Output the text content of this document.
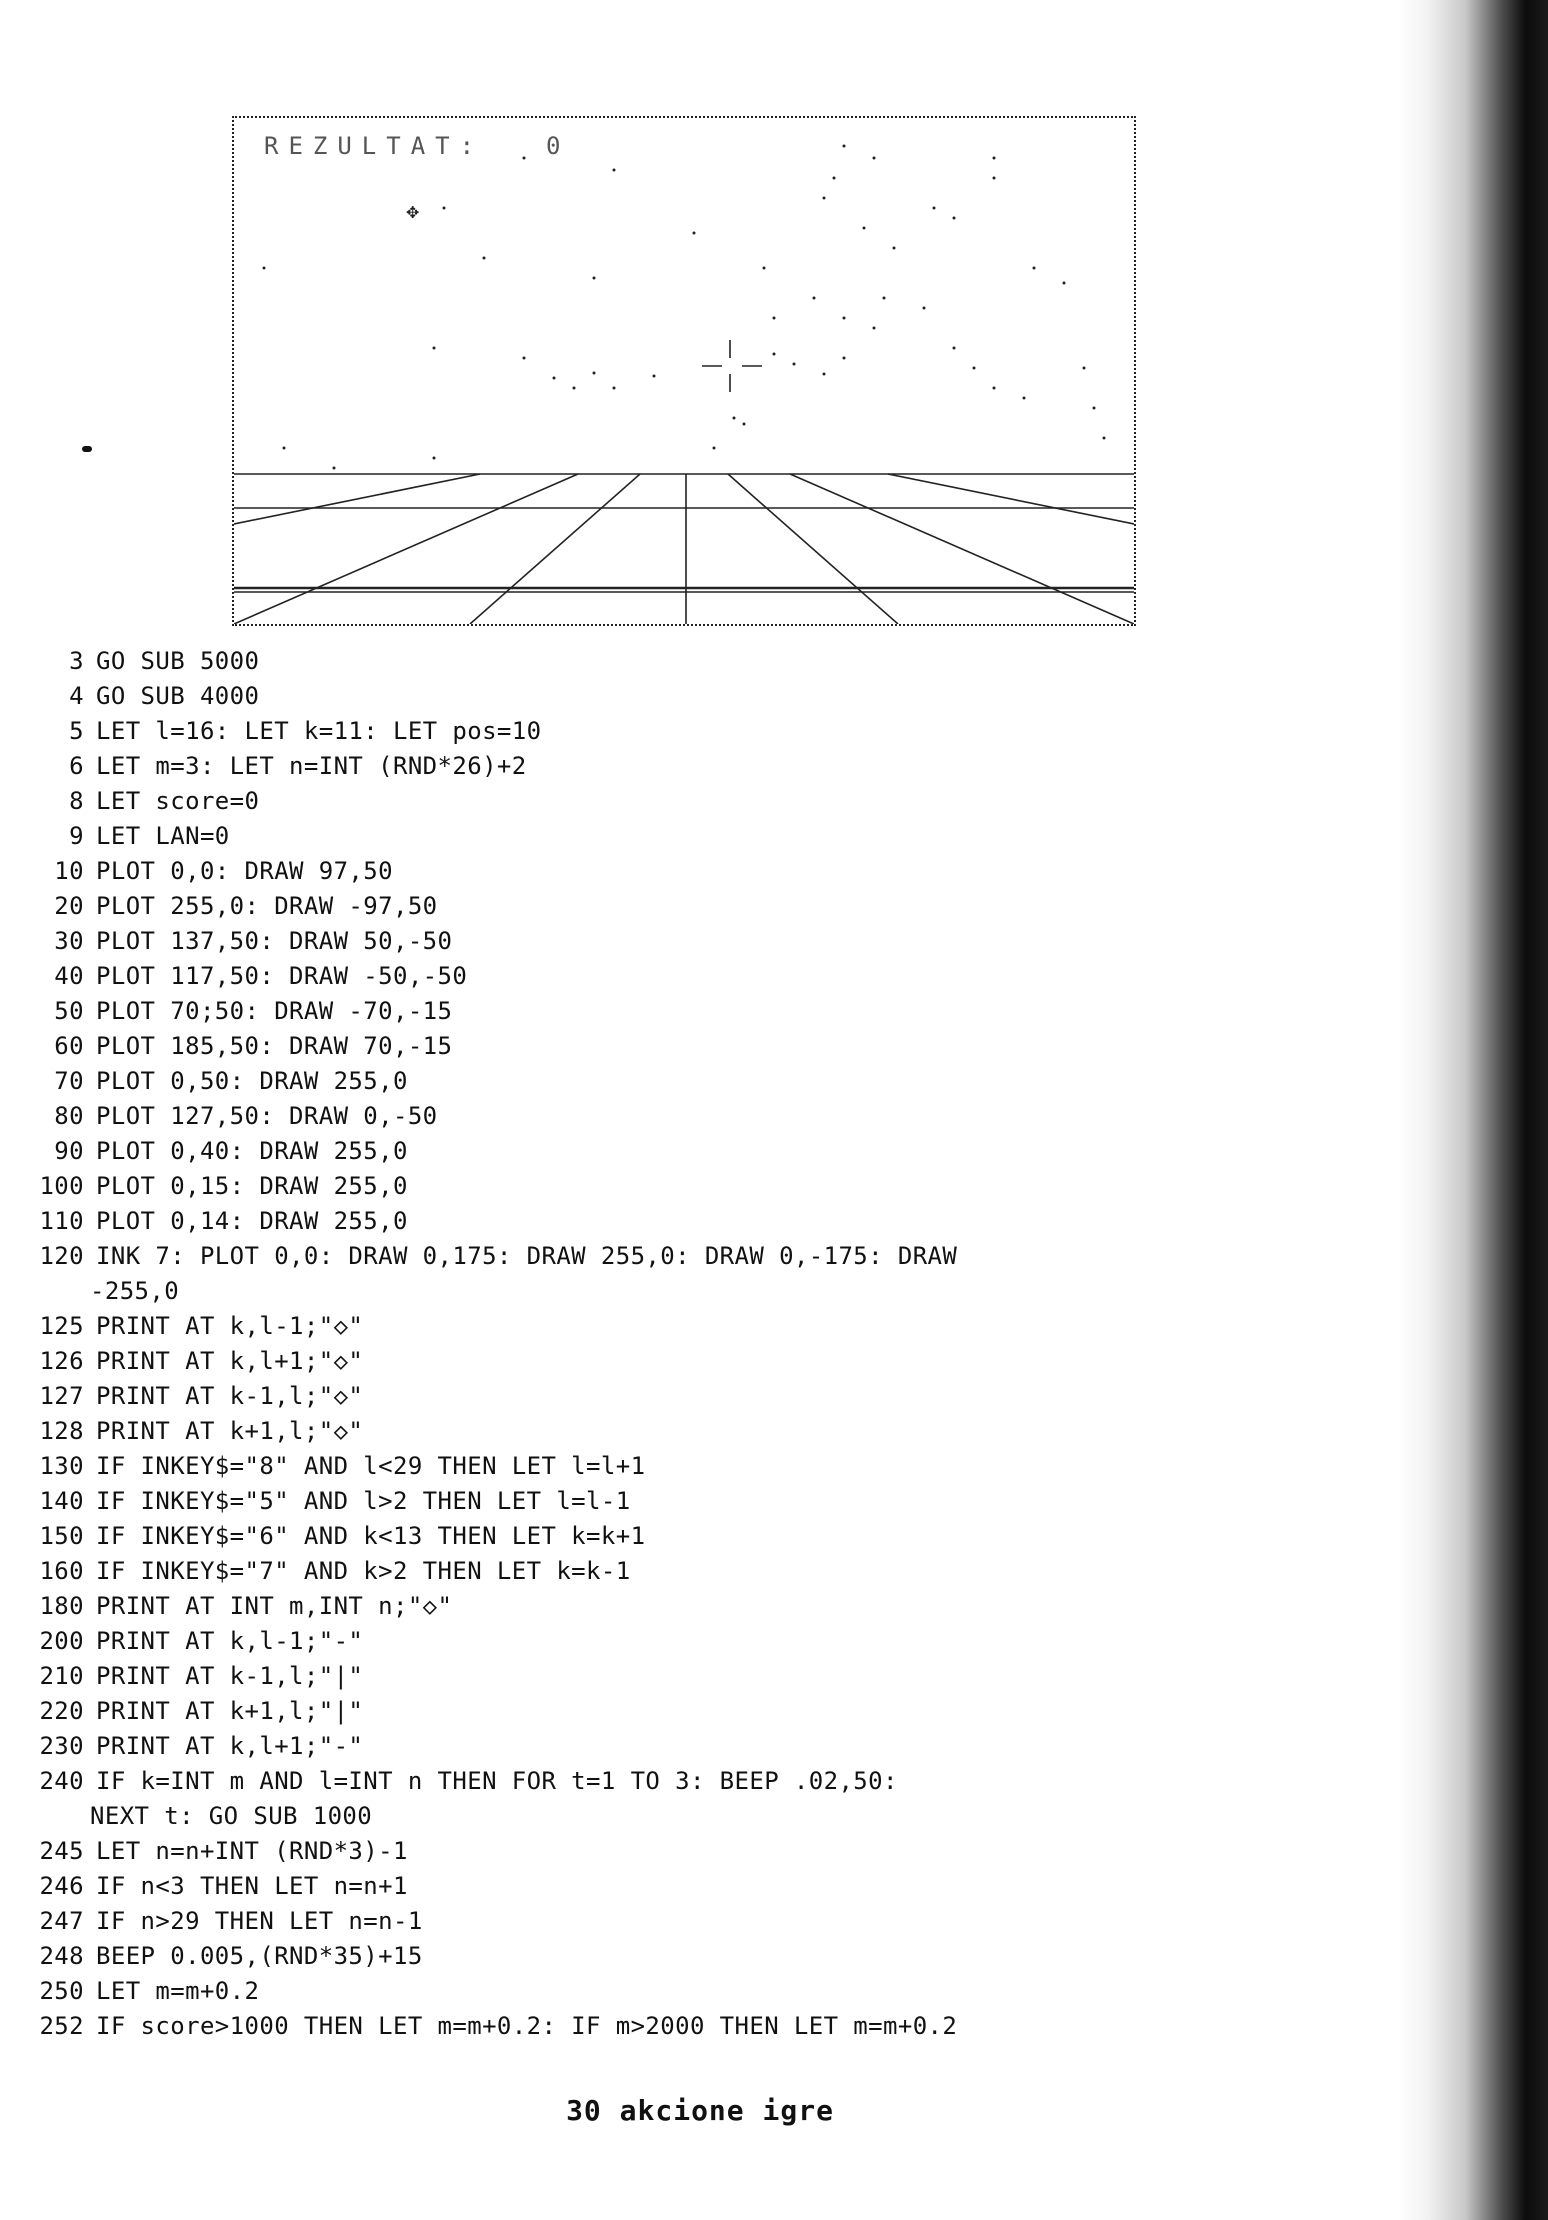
✥
REZULTAT:	0
3 GO SUB 5000
4 GO SUB 4000
5 LET l=16: LET k=11: LET pos=10
6 LET m=3: LET n=INT (RND*26)+2
8 LET score=0
9 LET LAN=0
10 PLOT 0,0: DRAW 97,50
20 PLOT 255,0: DRAW -97,50
30 PLOT 137,50: DRAW 50,-50
40 PLOT 117,50: DRAW -50,-50
50 PLOT 70;50: DRAW -70,-15
60 PLOT 185,50: DRAW 70,-15
70 PLOT 0,50: DRAW 255,0
80 PLOT 127,50: DRAW 0,-50
90 PLOT 0,40: DRAW 255,0
100 PLOT 0,15: DRAW 255,0
110 PLOT 0,14: DRAW 255,0
120 INK 7: PLOT 0,0: DRAW 0,175: DRAW 255,0: DRAW 0,-175: DRAW
-255,0
125 PRINT AT k,l-1;"◇"
126 PRINT AT k,l+1;"◇"
127 PRINT AT k-1,l;"◇"
128 PRINT AT k+1,l;"◇"
130 IF INKEY$="8" AND l<29 THEN LET l=l+1
140 IF INKEY$="5" AND l>2 THEN LET l=l-1
150 IF INKEY$="6" AND k<13 THEN LET k=k+1
160 IF INKEY$="7" AND k>2 THEN LET k=k-1
180 PRINT AT INT m,INT n;"◇"
200 PRINT AT k,l-1;"-"
210 PRINT AT k-1,l;"|"
220 PRINT AT k+1,l;"|"
230 PRINT AT k,l+1;"-"
240 IF k=INT m AND l=INT n THEN FOR t=1 TO 3: BEEP .02,50:
NEXT t: GO SUB 1000
245 LET n=n+INT (RND*3)-1
246 IF n<3 THEN LET n=n+1
247 IF n>29 THEN LET n=n-1
248 BEEP 0.005,(RND*35)+15
250 LET m=m+0.2
252 IF score>1000 THEN LET m=m+0.2: IF m>2000 THEN LET m=m+0.2
30 akcione igre
